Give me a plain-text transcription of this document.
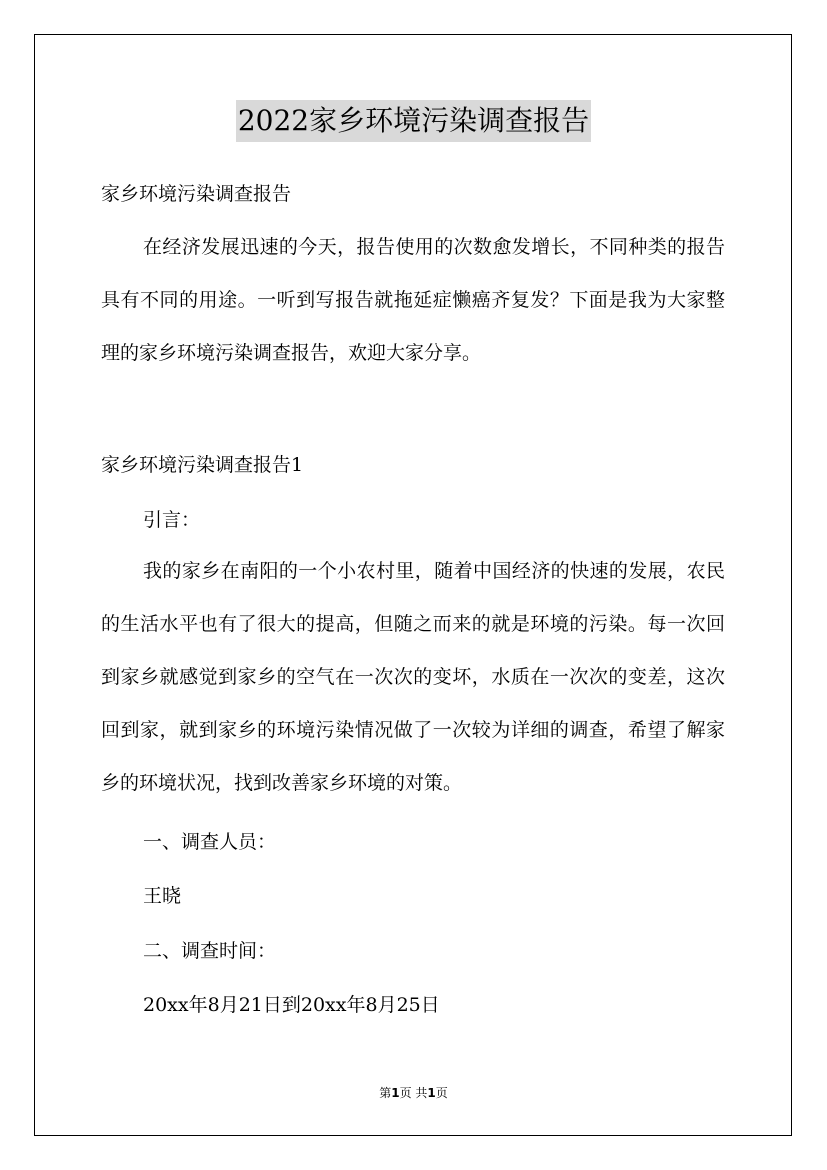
2022家乡环境污染调查报告

家乡环境污染调查报告

在经济发展迅速的今天，报告使用的次数愈发增长，不同种类的报告具有不同的用途。一听到写报告就拖延症懒癌齐复发？下面是我为大家整理的家乡环境污染调查报告，欢迎大家分享。

家乡环境污染调查报告1

引言：

我的家乡在南阳的一个小农村里，随着中国经济的快速的发展，农民的生活水平也有了很大的提高，但随之而来的就是环境的污染。每一次回到家乡就感觉到家乡的空气在一次次的变坏，水质在一次次的变差，这次回到家，就到家乡的环境污染情况做了一次较为详细的调查，希望了解家乡的环境状况，找到改善家乡环境的对策。

一、调查人员：

王晓

二、调查时间：

20xx年8月21日到20xx年8月25日

第1页 共1页
